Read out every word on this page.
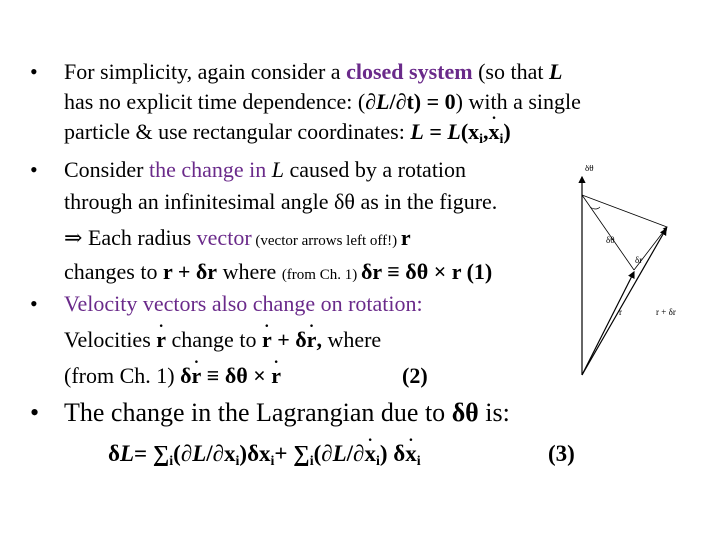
• For simplicity, again consider a closed system (so that L
has no explicit time dependence: (∂L/∂t) = 0) with a single
particle & use rectangular coordinates: $L = L(x_i,x \cdot_i)$
• Consider the change in L caused by a rotation
through an infinitesimal angle δθ as in the figure.
⇒ Each radius vector (vector arrows left off!) r
changes to r + δr where (from Ch. 1) δr ≡ δθ × r (1)
• Velocity vectors also change on rotation:
Velocities r · change to r · + δr ·, where
(from Ch. 1) δr · ≡ δθ × r ·	(2)
• The change in the Lagrangian due to δθ is:
$\delta L= \sum_i(\partial L/\partial x_i)\delta x_i+ \sum_i(\partial L/\partial x \cdot_i)$ $\delta x \cdot_i$	(3)
δθ
δθ
δr
r	r + δr
